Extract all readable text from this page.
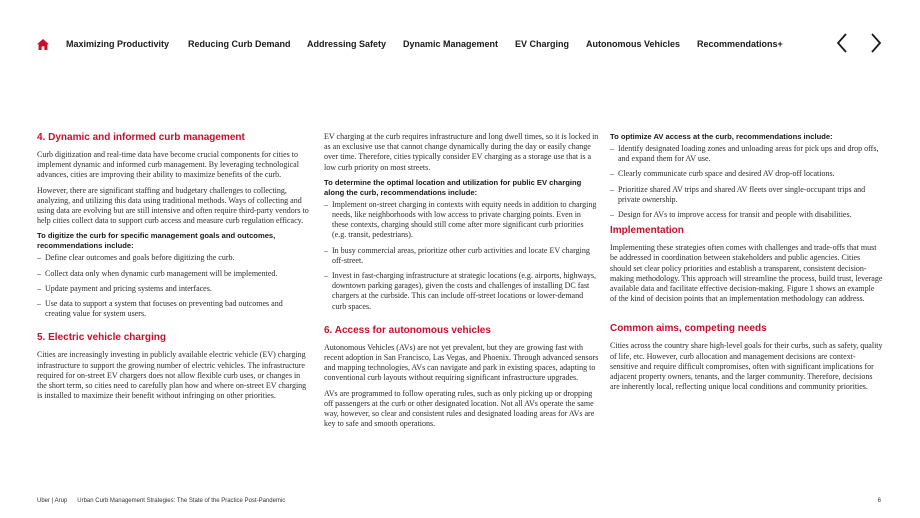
Maximizing Productivity Reducing Curb Demand Addressing Safety Dynamic Management EV Charging Autonomous Vehicles Recommendations+
4. Dynamic and informed curb management

Curb digitization and real-time data have become crucial components for cities to implement dynamic and informed curb management. By leveraging technological advances, cities are improving their ability to maximize benefits of the curb.

However, there are significant staffing and budgetary challenges to collecting, analyzing, and utilizing this data using traditional methods. Ways of collecting and using data are evolving but are still intensive and often require third-party vendors to help cities collect data to support curb access and measure curb regulation efficacy.

To digitize the curb for specific management goals and outcomes, recommendations include:

– Define clear outcomes and goals before digitizing the curb.
– Collect data only when dynamic curb management will be implemented.
– Update payment and pricing systems and interfaces.
– Use data to support a system that focuses on preventing bad outcomes and creating value for system users.
5. Electric vehicle charging

Cities are increasingly investing in publicly available electric vehicle (EV) charging infrastructure to support the growing number of electric vehicles. The infrastructure required for on-street EV chargers does not allow flexible curb uses, or changes in the short term, so cities need to carefully plan how and where on-street EV charging is installed to maximize their benefit without infringing on other priorities.

EV charging at the curb requires infrastructure and long dwell times, so it is locked in as an exclusive use that cannot change dynamically during the day or easily change over time. Therefore, cities typically consider EV charging as a storage use that is a low curb priority on most streets.

To determine the optimal location and utilization for public EV charging along the curb, recommendations include:

– Implement on-street charging in contexts with equity needs in addition to charging needs, like neighborhoods with low access to private charging points. Even in these contexts, charging should still come after more significant curb priorities (e.g. transit, pedestrians).
– In busy commercial areas, prioritize other curb activities and locate EV charging off-street.
– Invest in fast-charging infrastructure at strategic locations (e.g. airports, highways, downtown parking garages), given the costs and challenges of installing DC fast chargers at the curbside. This can include off-street locations or lower-demand curb spaces.
6. Access for autonomous vehicles

Autonomous Vehicles (AVs) are not yet prevalent, but they are growing fast with recent adoption in San Francisco, Las Vegas, and Phoenix. Through advanced sensors and mapping technologies, AVs can navigate and park in existing spaces, adapting to conventional curb layouts without requiring significant infrastructure upgrades.

AVs are programmed to follow operating rules, such as only picking up or dropping off passengers at the curb or other designated location. Not all AVs operate the same way, however, so clear and consistent rules and designated loading areas for AVs are key to safe and smooth operations.

To optimize AV access at the curb, recommendations include:

– Identify designated loading zones and unloading areas for pick ups and drop offs, and expand them for AV use.
– Clearly communicate curb space and desired AV drop-off locations.
– Prioritize shared AV trips and shared AV fleets over single-occupant trips and private ownership.
– Design for AVs to improve access for transit and people with disabilities.
Implementation

Implementing these strategies often comes with challenges and trade-offs that must be addressed in coordination between stakeholders and public agencies. Cities should set clear policy priorities and establish a transparent, consistent decision-making methodology. This approach will streamline the process, build trust, leverage available data and facilitate effective decision-making. Figure 1 shows an example of the kind of decision points that an implementation methodology can address.

Common aims, competing needs

Cities across the country share high-level goals for their curbs, such as safety, quality of life, etc. However, curb allocation and management decisions are context-sensitive and require difficult compromises, often with significant implications for adjacent property owners, tenants, and the larger community. Therefore, decisions are inherently local, reflecting unique local conditions and community priorities.

Uber | Arup Urban Curb Management Strategies: The State of the Practice Post-Pandemic	6
